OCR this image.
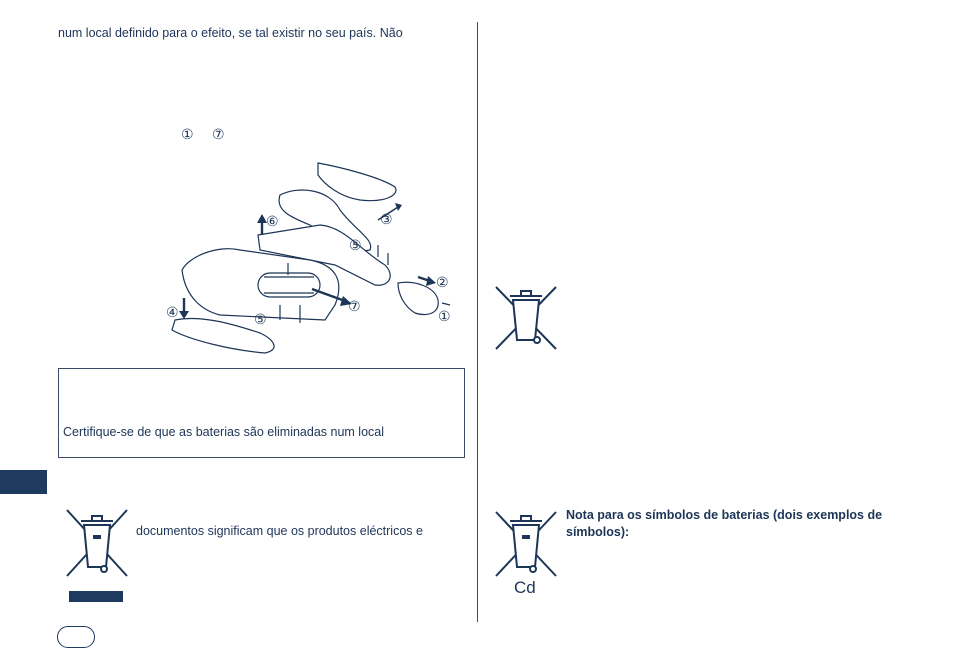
num local definido para o efeito, se tal existir no seu país. Não
① ⑦
⑥	③
⑤
②
⑦
④	⑤	①
Certifique-se de que as baterias são eliminadas num local
documentos significam que os produtos eléctricos e
Cd
Nota para os símbolos de baterias (dois exemplos de símbolos):
